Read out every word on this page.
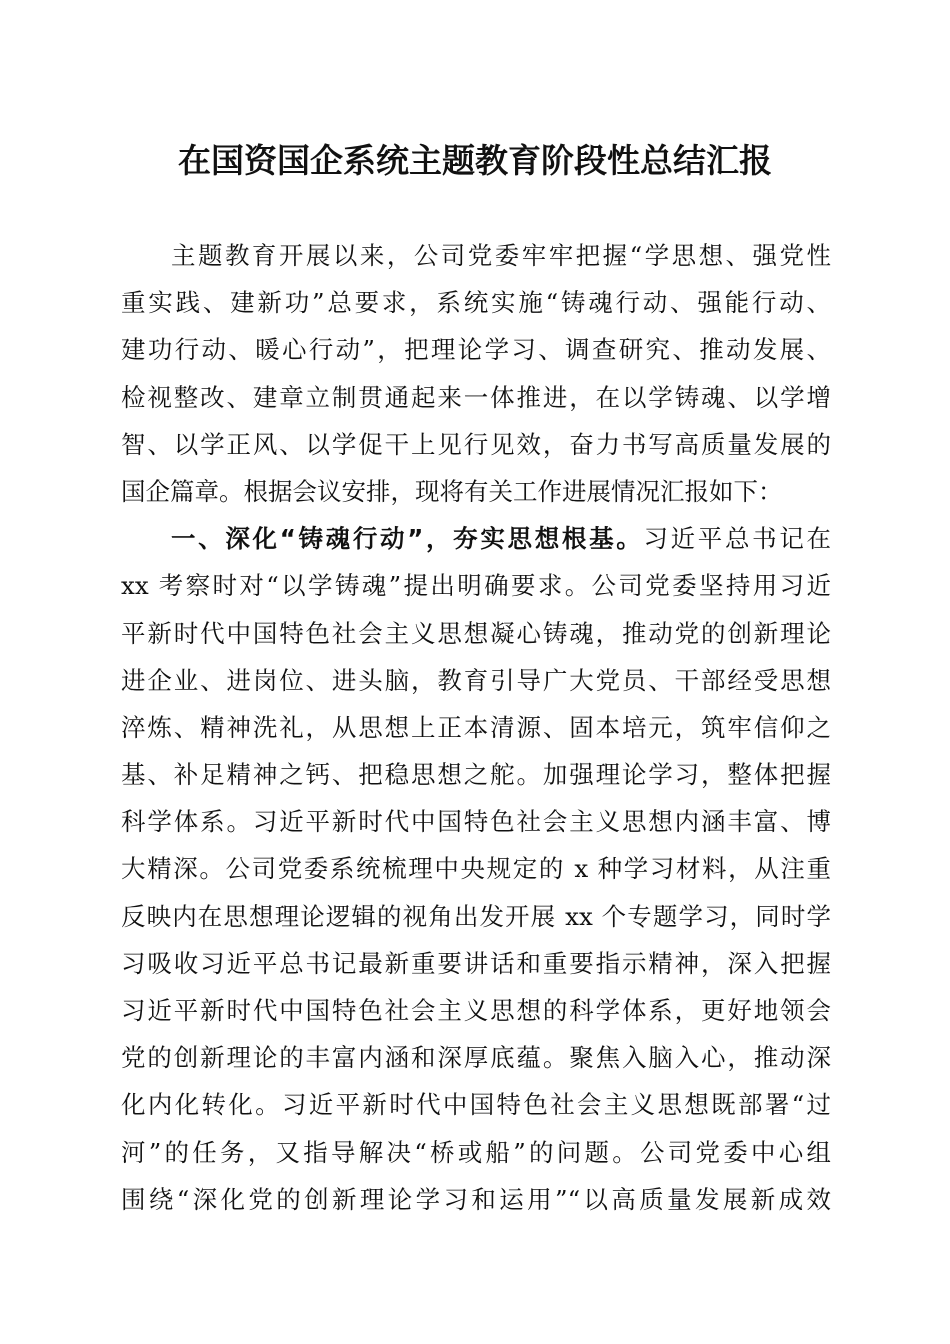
在国资国企系统主题教育阶段性总结汇报
主题教育开展以来，公司党委牢牢把握“学思想、强党性
重实践、建新功”总要求，系统实施“铸魂行动、强能行动、
建功行动、暖心行动”，把理论学习、调查研究、推动发展、
检视整改、建章立制贯通起来一体推进，在以学铸魂、以学增
智、以学正风、以学促干上见行见效，奋力书写高质量发展的
国企篇章。根据会议安排，现将有关工作进展情况汇报如下：
一、深化“铸魂行动”，夯实思想根基。习近平总书记在
xx 考察时对“以学铸魂”提出明确要求。公司党委坚持用习近
平新时代中国特色社会主义思想凝心铸魂，推动党的创新理论
进企业、进岗位、进头脑，教育引导广大党员、干部经受思想
淬炼、精神洗礼，从思想上正本清源、固本培元，筑牢信仰之
基、补足精神之钙、把稳思想之舵。加强理论学习，整体把握
科学体系。习近平新时代中国特色社会主义思想内涵丰富、博
大精深。公司党委系统梳理中央规定的 x 种学习材料，从注重
反映内在思想理论逻辑的视角出发开展 xx 个专题学习，同时学
习吸收习近平总书记最新重要讲话和重要指示精神，深入把握
习近平新时代中国特色社会主义思想的科学体系，更好地领会
党的创新理论的丰富内涵和深厚底蕴。聚焦入脑入心，推动深
化内化转化。习近平新时代中国特色社会主义思想既部署“过
河”的任务，又指导解决“桥或船”的问题。公司党委中心组
围绕“深化党的创新理论学习和运用”“以高质量发展新成效
